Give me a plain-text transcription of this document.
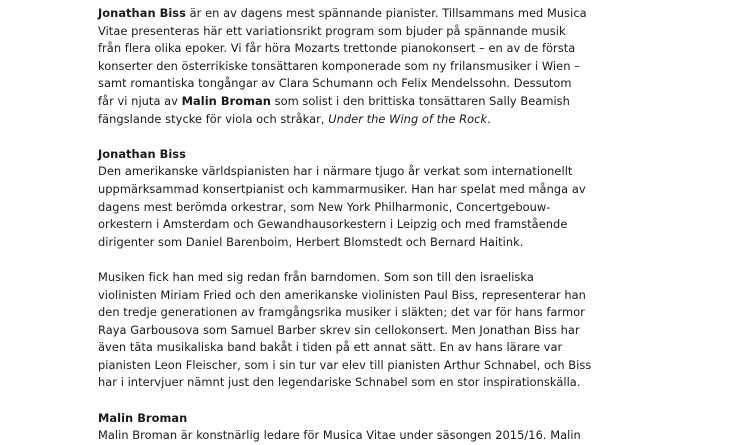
Jonathan Biss är en av dagens mest spännande pianister. Tillsammans med Musica
Vitae presenteras här ett variationsrikt program som bjuder på spännande musik
från flera olika epoker. Vi får höra Mozarts trettonde pianokonsert – en av de första
konserter den österrikiske tonsättaren komponerade som ny frilansmusiker i Wien –
samt romantiska tongångar av Clara Schumann och Felix Mendelssohn. Dessutom
får vi njuta av Malin Broman som solist i den brittiska tonsättaren Sally Beamish
fängslande stycke för viola och stråkar, Under the Wing of the Rock.

Jonathan Biss

Den amerikanske världspianisten har i närmare tjugo år verkat som internationellt
uppmärksammad konsertpianist och kammarmusiker. Han har spelat med många av
dagens mest berömda orkestrar, som New York Philharmonic, Concertgebouw-
orkestern i Amsterdam och Gewandhausorkestern i Leipzig och med framstående
dirigenter som Daniel Barenboim, Herbert Blomstedt och Bernard Haitink.

Musiken fick han med sig redan från barndomen. Som son till den israeliska
violinisten Miriam Fried och den amerikanske violinisten Paul Biss, representerar han
den tredje generationen av framgångsrika musiker i släkten; det var för hans farmor
Raya Garbousova som Samuel Barber skrev sin cellokonsert. Men Jonathan Biss har
även täta musikaliska band bakåt i tiden på ett annat sätt. En av hans lärare var
pianisten Leon Fleischer, som i sin tur var elev till pianisten Arthur Schnabel, och Biss
har i intervjuer nämnt just den legendariske Schnabel som en stor inspirationskälla.

Malin Broman

Malin Broman är konstnärlig ledare för Musica Vitae under säsongen 2015/16. Malin
